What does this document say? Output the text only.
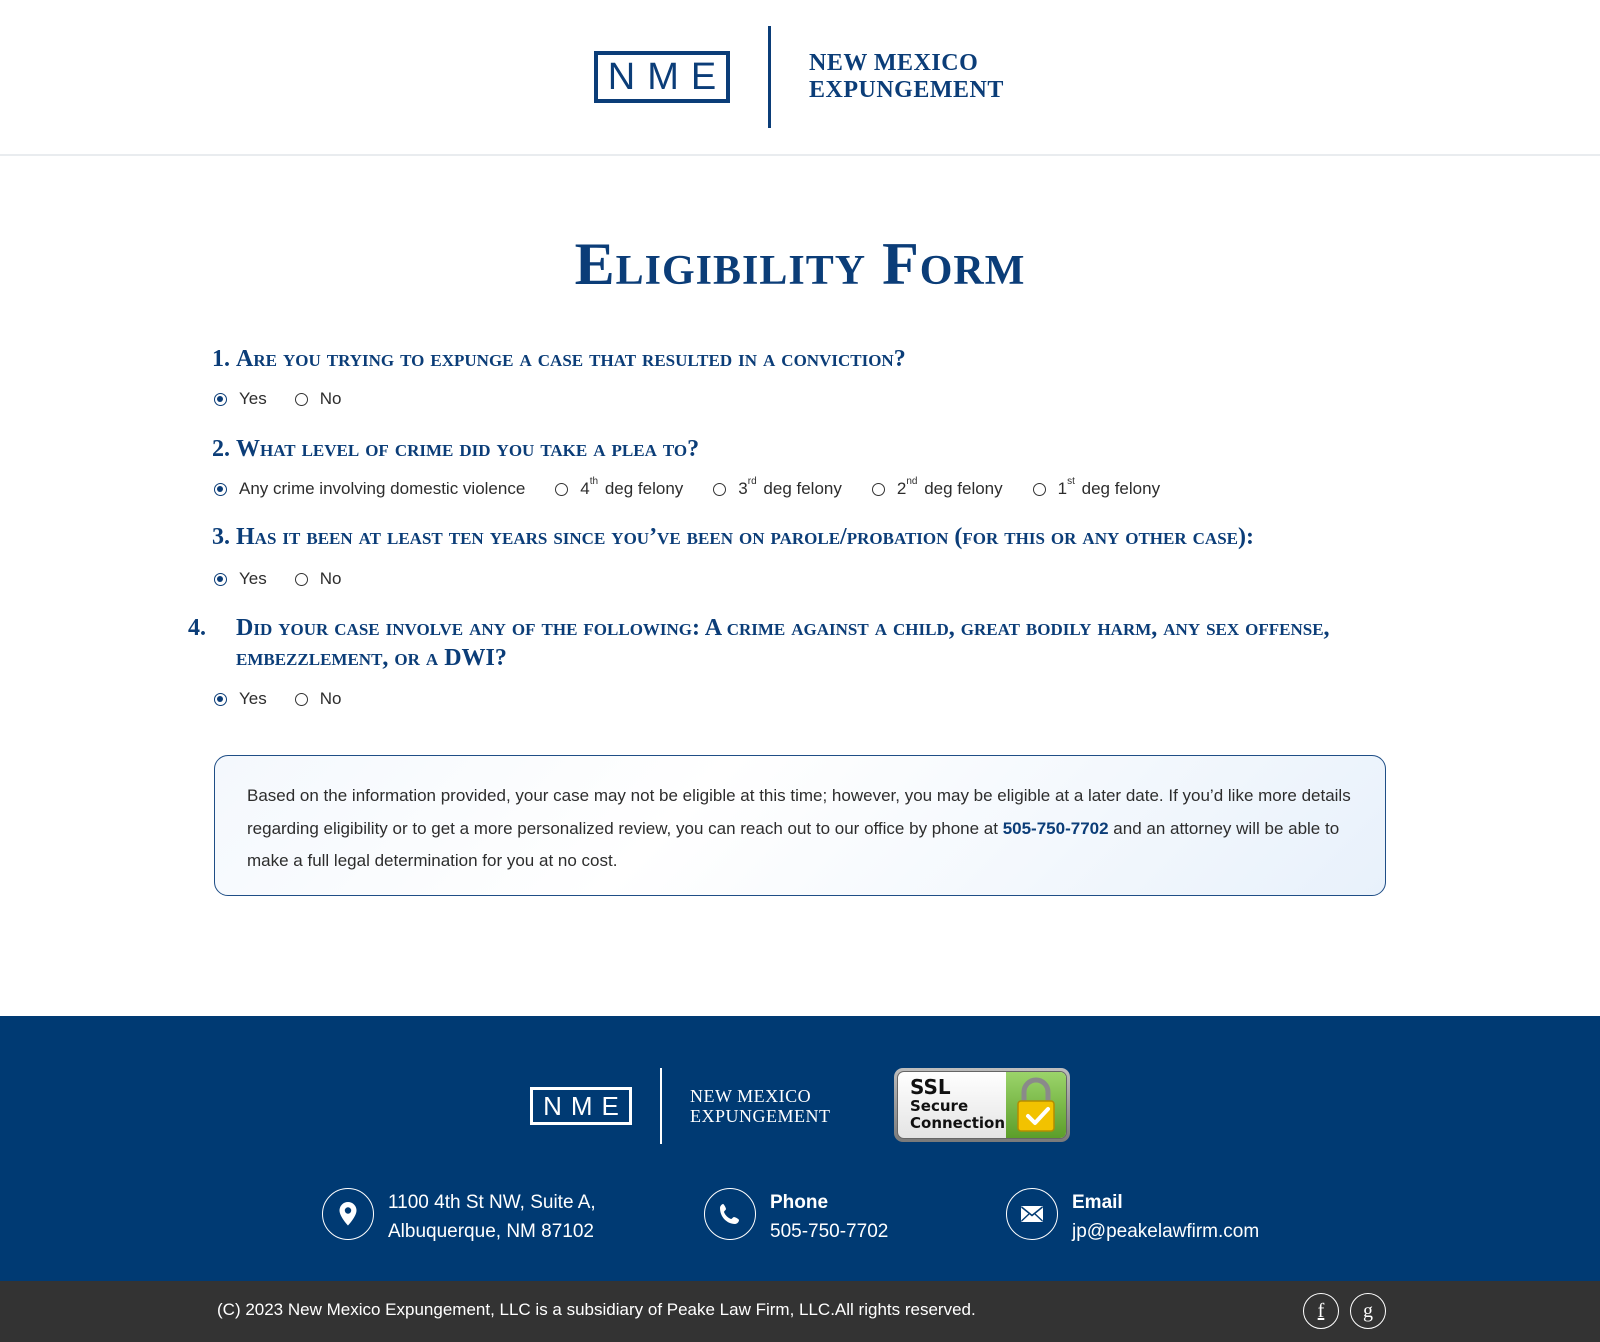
NME	NEW MEXICO
EXPUNGEMENT
Eligibility Form
1. Are you trying to expunge a case that resulted in a conviction?
Yes	No
2. What level of crime did you take a plea to?
Any crime involving domestic violence	4th deg felony	3rd deg felony	2nd deg felony	1st deg felony
3. Has it been at least ten years since you’ve been on parole/probation (for this or any other case):
Yes	No
4. Did your case involve any of the following: A crime against a child, great bodily harm, any sex offense, embezzlement, or a DWI?
Yes	No
Based on the information provided, your case may not be eligible at this time; however, you may be eligible at a later date. If you’d like more details regarding eligibility or to get a more personalized review, you can reach out to our office by phone at 505-750-7702 and an attorney will be able to make a full legal determination for you at no cost.
NME	NEW MEXICO
EXPUNGEMENT
SSL
Secure
Connection
1100 4th St NW, Suite A,
Albuquerque, NM 87102
Phone
505-750-7702
Email
jp@peakelawfirm.com
(C) 2023 New Mexico Expungement, LLC is a subsidiary of Peake Law Firm, LLC.All rights reserved.	f	g
